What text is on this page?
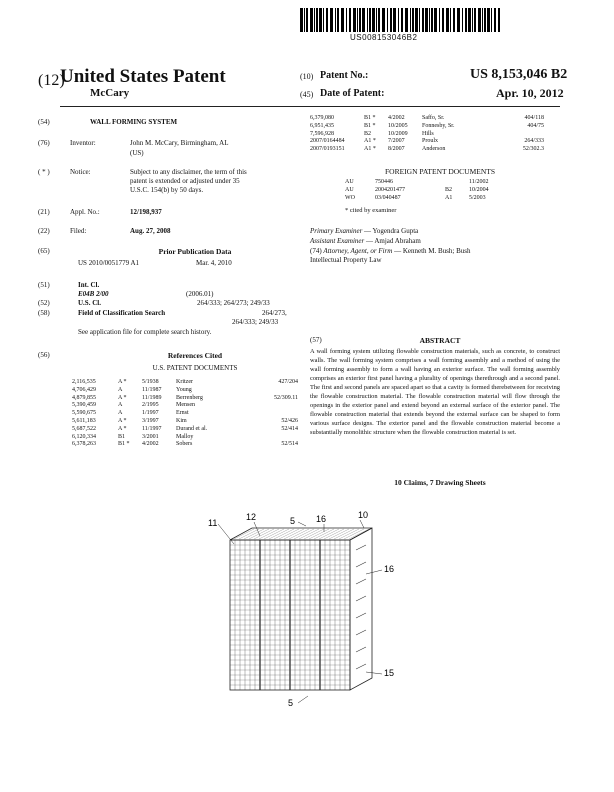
US008153046B2
(12)
United States Patent
McCary
(10) Patent No.:	US 8,153,046 B2
(45) Date of Patent:	Apr. 10, 2012
(54)	WALL FORMING SYSTEM
(76)	Inventor:	John M. McCary, Birmingham, AL
(US)
( * )	Notice:	Subject to any disclaimer, the term of this
patent is extended or adjusted under 35
U.S.C. 154(b) by 50 days.
(21)	Appl. No.:	12/198,937
(22)	Filed:	Aug. 27, 2008
(65)	Prior Publication Data
US 2010/0051779 A1	Mar. 4, 2010
(51)	Int. Cl.
E04B 2/00	(2006.01)
(52)	U.S. Cl.	264/333; 264/273; 249/33
(58)	Field of Classification Search	264/273,
264/333; 249/33
See application file for complete search history.
(56)	References Cited
U.S. PATENT DOCUMENTS
2,116,535	A *	5/1938	Kritzer	427/204
4,706,429	A	11/1987	Young
4,879,855	A *	11/1989	Berrenberg	52/309.11
5,390,459	A	2/1995	Mensen
5,590,675	A	1/1997	Ernst
5,611,183	A *	3/1997	Kim	52/426
5,687,522	A *	11/1997	Durand et al.	52/414
6,120,334	B1	3/2001	Malloy
6,378,263	B1 *	4/2002	Sobers	52/514
6,379,080	B1 *	4/2002	Saffo, Sr.	404/118
6,951,435	B1 *	10/2005	Fonnesby, Sr.	404/75
7,596,928	B2	10/2009	Hills
2007/0164484	A1 *	7/2007	Proulx	264/333
2007/0193151	A1 *	8/2007	Anderson	52/302.3
FOREIGN PATENT DOCUMENTS
AU	750446	11/2002
AU	2004201477	B2	10/2004
WO	03/040487	A1	5/2003
* cited by examiner
Primary Examiner — Yogendra Gupta
Assistant Examiner — Amjad Abraham
(74) Attorney, Agent, or Firm — Kenneth M. Bush; Bush
Intellectual Property Law
(57)	ABSTRACT
A wall forming system utilizing flowable construction materials, such as concrete, to construct walls. The wall forming system comprises a wall forming assembly and a method of using the wall forming assembly to form a wall having an exterior surface. The wall forming assembly comprises an exterior first panel having a plurality of openings therethrough and a second panel. The first and second panels are spaced apart so that a cavity is formed therebetween for receiving the flowable construction material. The flowable construction material will flow through the openings in the exterior panel and extend beyond an external surface of the exterior panel. The flowable construction material that extends beyond the external surface can be shaped to form various surface designs. The exterior panel and the flowable construction material become a substantially monolithic structure when the flowable construction material is set.
10 Claims, 7 Drawing Sheets
11
12	5 16	10
16
15
5
